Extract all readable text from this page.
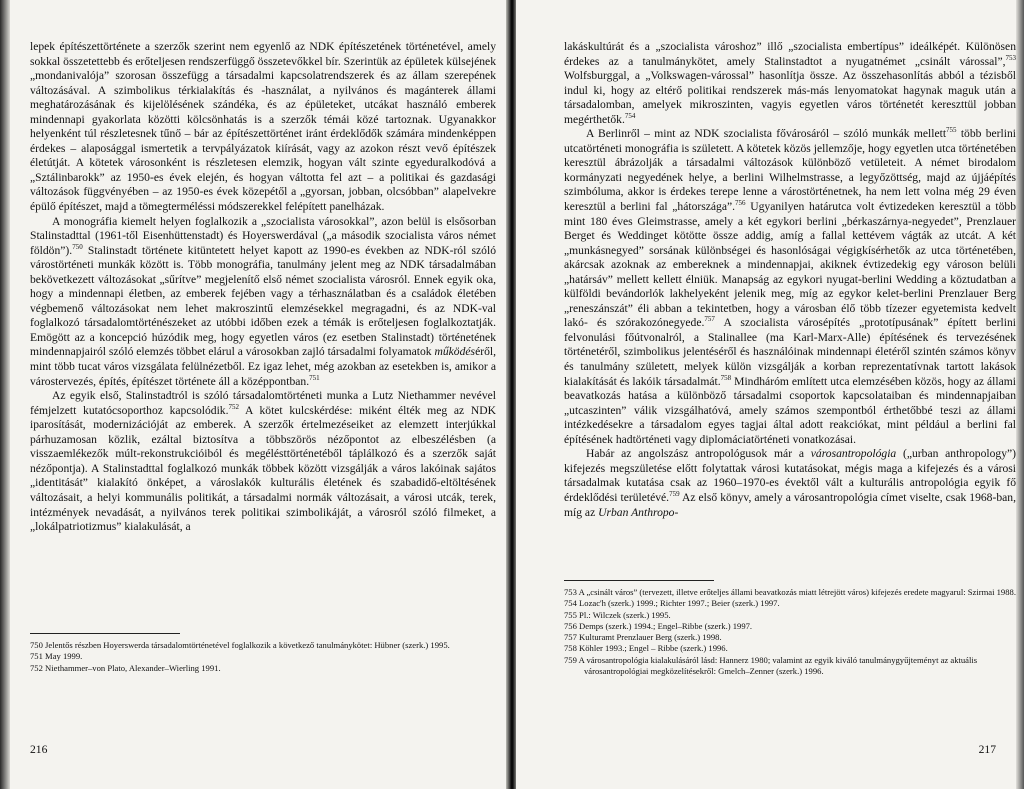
lepek építészettörténete a szerzők szerint nem egyenlő az NDK építészetének történetével, amely sokkal összetettebb és erőteljesen rendszerfüggő összetevőkkel bír. Szerintük az épületek külsejének „mondanivalója” szorosan összefügg a társadalmi kapcsolatrendszerek és az állam szerepének változásával. A szimbolikus térkialakítás és -használat, a nyilvános és magánterek állami meghatározásának és kijelölésének szándéka, és az épületeket, utcákat használó emberek mindennapi gyakorlata közötti kölcsönhatás is a szerzők témái közé tartoznak. Ugyanakkor helyenként túl részletesnek tűnő – bár az építészettörténet iránt érdeklődők számára mindenképpen érdekes – alaposággal ismertetik a tervpályázatok kiírását, vagy az azokon részt vevő építészek életútját. A kötetek városonként is részletesen elemzik, hogyan vált szinte egyeduralkodóvá a „Sztálinbarokk” az 1950-es évek elején, és hogyan váltotta fel azt – a politikai és gazdasági változások függvényében – az 1950-es évek közepétől a „gyorsan, jobban, olcsóbban” alapelvekre épülő építészet, majd a tömegterméléssi módszerekkel felépített panelházak.

A monográfia kiemelt helyen foglalkozik a „szocialista városokkal”, azon belül is elsősorban Stalinstadttal (1961-től Eisenhüttenstadt) és Hoyerswerdával („a második szocialista város német földön”).$^{750}$ Stalinstadt története kitüntetett helyet kapott az 1990-es években az NDK-ról szóló várostörténeti munkák között is. Több monográfia, tanulmány jelent meg az NDK társadalmában bekövetkezett változásokat „sűrítve” megjelenítő első német szocialista városról. Ennek egyik oka, hogy a mindennapi életben, az emberek fejében vagy a térhasználatban és a családok életében végbemenő változásokat nem lehet makroszintű elemzésekkel megragadni, és az NDK-val foglalkozó társadalomtörténészeket az utóbbi időben ezek a témák is erőteljesen foglalkoztatják. Emögött az a koncepció húzódik meg, hogy egyetlen város (ez esetben Stalinstadt) történetének mindennapjairól szóló elemzés többet elárul a városokban zajló társadalmi folyamatok működéséről, mint több tucat város vizsgálata felülnézetből. Ez igaz lehet, még azokban az esetekben is, amikor a várostervezés, építés, építészet története áll a középpontban.$^{751}$

Az egyik első, Stalinstadtról is szóló társadalomtörténeti munka a Lutz Niethammer nevével fémjelzett kutatócsoporthoz kapcsolódik.$^{752}$ A kötet kulcskérdése: miként élték meg az NDK iparosítását, modernizációját az emberek. A szerzők értelmezéseiket az elemzett interjúkkal párhuzamosan közlik, ezáltal biztosítva a többszörös nézőpontot az elbeszélésben (a visszaemlékezők múlt-rekonstrukcióiból és megélésttörténetéből táplálkozó és a szerzők saját nézőpontja). A Stalinstadttal foglalkozó munkák többek között vizsgálják a város lakóinak sajátos „identitását” kialakító önképet, a városlakók kulturális életének és szabadidő-eltöltésének változásait, a helyi kommunális politikát, a társadalmi normák változásait, a városi utcák, terek, intézmények nevadását, a nyilvános terek politikai szimbolikáját, a városról szóló filmeket, a „lokálpatriotizmus” kialakulását, a

750 Jelentős részben Hoyerswerda társadalomtörténetével foglalkozik a következő tanulmánykötet: Hübner (szerk.) 1995.

751 May 1999.

752 Niethammer–von Plato, Alexander–Wierling 1991.

216

lakáskultúrát és a „szocialista városhoz” illő „szocialista embertípus” ideálképét. Különösen érdekes az a tanulmánykötet, amely Stalinstadtot a nyugatnémet „csinált várossal”,$^{753}$ Wolfsburggal, a „Volkswagen-várossal” hasonlítja össze. Az összehasonlítás abból a tézisből indul ki, hogy az eltérő politikai rendszerek más-más lenyomatokat hagynak maguk után a társadalomban, amelyek mikroszinten, vagyis egyetlen város történetét kereszttül jobban megérthetők.$^{754}$

A Berlinről – mint az NDK szocialista fővárosáról – szóló munkák mellett$^{755}$ több berlini utcatörténeti monográfia is született. A kötetek közös jellemzője, hogy egyetlen utca történetében keresztül ábrázolják a társadalmi változások különböző vetületeit. A német birodalom kormányzati negyedének helye, a berlini Wilhelmstrasse, a legyőzöttség, majd az újjáépítés szimbóluma, akkor is érdekes terepe lenne a várostörténetnek, ha nem lett volna még 29 éven keresztül a berlini fal „hátországa”.$^{756}$ Ugyanilyen határutca volt évtizedeken keresztül a több mint 180 éves Gleimstrasse, amely a két egykori berlini „bérkaszárnya-negyedet”, Prenzlauer Berget és Weddinget kötötte össze addig, amíg a fallal kettévem vágták az utcát. A két „munkásnegyed” sorsának különbségei és hasonlóságai végigkísérhetők az utca történetében, akárcsak azoknak az embereknek a mindennapjai, akiknek évtizedekig egy városon belüli „határsáv” mellett kellett élniük. Manapság az egykori nyugat-berlini Wedding a köztudatban a külföldi bevándorlók lakhelyeként jelenik meg, míg az egykor kelet-berlini Prenzlauer Berg „reneszánszát” éli abban a tekintetben, hogy a városban élő több tízezer egyetemista kedvelt lakó- és szórakozónegyede.$^{757}$ A szocialista városépítés „prototípusának” épített berlini felvonulási főútvonalról, a Stalinallee (ma Karl-Marx-Alle) építésének és tervezésének történetéről, szimbolikus jelentéséről és használóinak mindennapi életéről szintén számos könyv és tanulmány született, melyek külön vizsgálják a korban reprezentatívnak tartott lakások kialakítását és lakóik társadalmát.$^{758}$ Mindháróm említett utca elemzésében közös, hogy az állami beavatkozás hatása a különböző társadalmi csoportok kapcsolataiban és mindennapjaiban „utcaszinten” válik vizsgálhatóvá, amely számos szempontból érthetőbbé teszi az állami intézkedésekre a társadalom egyes tagjai által adott reakciókat, mint például a berlini fal építésének hadtörténeti vagy diplomáciatörténeti vonatkozásai.

Habár az angolszász antropológusok már a városantropológia („urban anthropology”) kifejezés megszületése előtt folytattak városi kutatásokat, mégis maga a kifejezés és a városi társadalmak kutatása csak az 1960–1970-es évektől vált a kulturális antropológia egyik fő érdeklődési területévé.$^{759}$ Az első könyv, amely a városantropológia címet viselte, csak 1968-ban, míg az Urban Anthropo-

753 A „csinált város” (tervezett, illetve erőteljes állami beavatkozás miatt létrejött város) kifejezés eredete magyarul: Szirmai 1988.

754 Lozac'h (szerk.) 1999.; Richter 1997.; Beier (szerk.) 1997.

755 Pl.: Wilczek (szerk.) 1995.

756 Demps (szerk.) 1994.; Engel–Ribbe (szerk.) 1997.

757 Kulturamt Prenzlauer Berg (szerk.) 1998.

758 Köhler 1993.; Engel – Ribbe (szerk.) 1996.

759 A városantropológia kialakulásáról lásd: Hannerz 1980; valamint az egyik kiváló tanulmánygyűjteményt az aktuális városantropológiai megközelítésekről: Gmelch–Zenner (szerk.) 1996.

217
